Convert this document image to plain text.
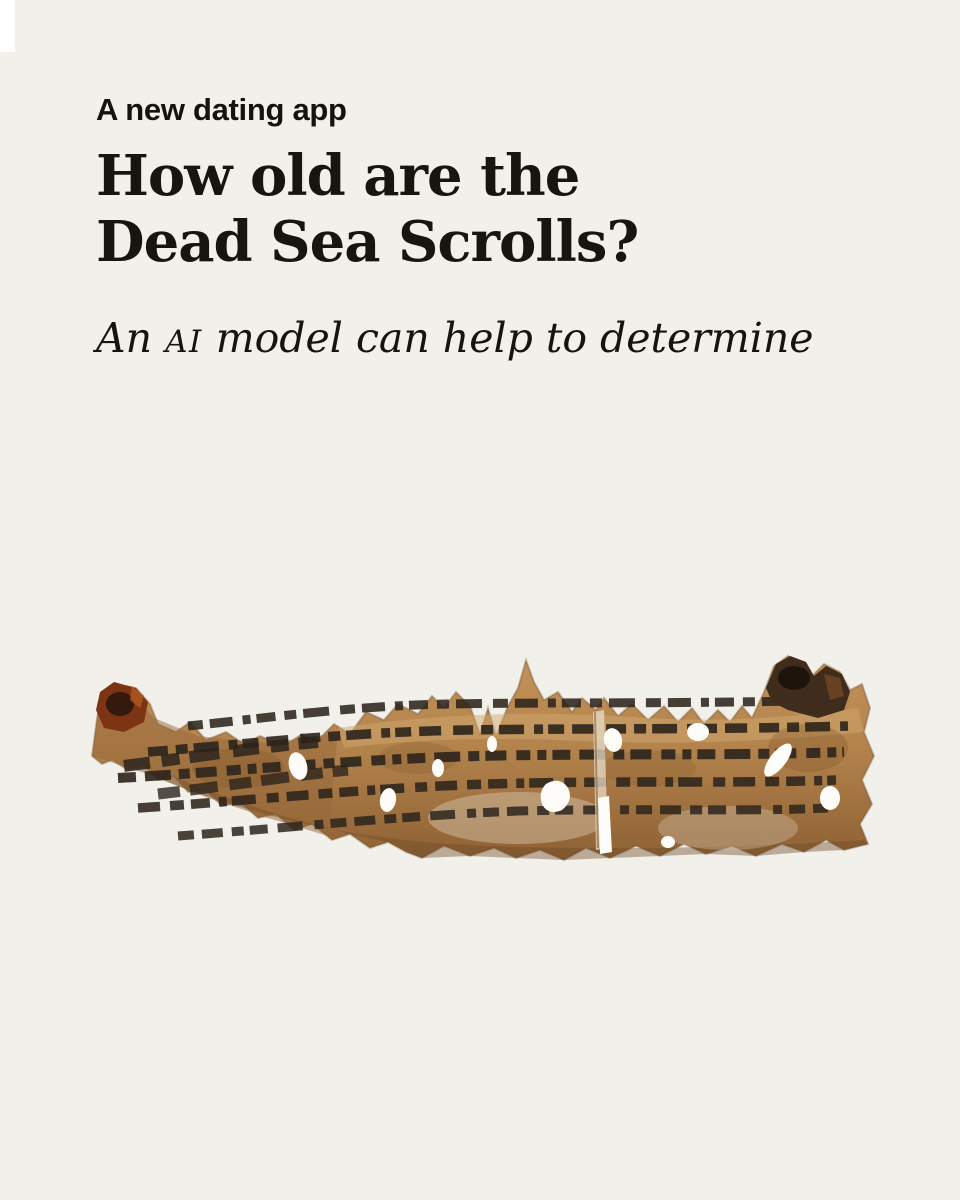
A new dating app
How old are the
Dead Sea Scrolls?
An AI model can help to determine
